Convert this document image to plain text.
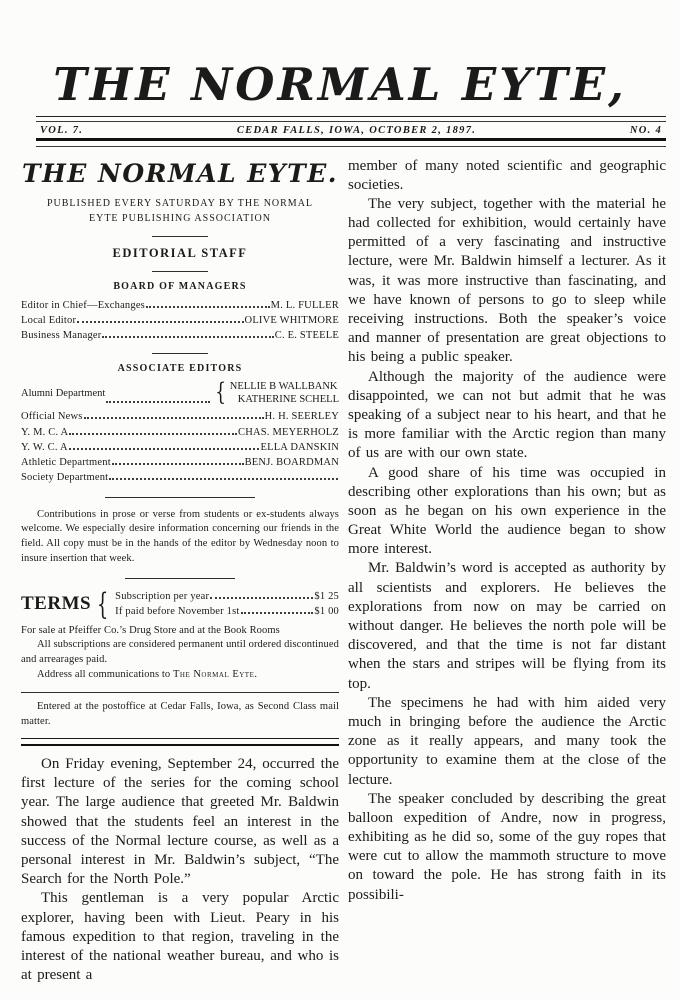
THE NORMAL EYTE,
VOL. 7.	CEDAR FALLS, IOWA, OCTOBER 2, 1897.	NO. 4
THE NORMAL EYTE.
PUBLISHED EVERY SATURDAY BY THE NORMAL
EYTE PUBLISHING ASSOCIATION
EDITORIAL STAFF
BOARD OF MANAGERS
Editor in Chief—Exchanges	M. L. FULLER
Local Editor	OLIVE WHITMORE
Business Manager	C. E. STEELE
ASSOCIATE EDITORS
Alumni Department	{ NELLIE B WALLBANK
KATHERINE SCHELL
Official News	H. H. SEERLEY
Y. M. C. A	CHAS. MEYERHOLZ
Y. W. C. A	ELLA DANSKIN
Athletic Department	BENJ. BOARDMAN
Society Department

Contributions in prose or verse from students or ex-students always welcome. We especially desire information concerning our friends in the field. All copy must be in the hands of the editor by Wednesday noon to insure insertion that week.

TERMS { Subscription per year	$1 25
If paid before November 1st	$1 00

For sale at Pfeiffer Co.’s Drug Store and at the Book Rooms

All subscriptions are considered permanent until ordered discontinued and arrearages paid.

Address all communications to The Normal Eyte.

Entered at the postoffice at Cedar Falls, Iowa, as Second Class mail matter.

On Friday evening, September 24, occurred the first lecture of the series for the coming school year. The large audience that greeted Mr. Baldwin showed that the students feel an interest in the success of the Normal lecture course, as well as a personal interest in Mr. Baldwin’s subject, “The Search for the North Pole.”

This gentleman is a very popular Arctic explorer, having been with Lieut. Peary in his famous expedition to that region, traveling in the interest of the national weather bureau, and who is at present a

member of many noted scientific and geographic societies.

The very subject, together with the material he had collected for exhibition, would certainly have permitted of a very fascinating and instructive lecture, were Mr. Baldwin himself a lecturer. As it was, it was more instructive than fascinating, and we have known of persons to go to sleep while receiving instructions. Both the speaker’s voice and manner of presentation are great objections to his being a public speaker.

Although the majority of the audience were disappointed, we can not but admit that he was speaking of a subject near to his heart, and that he is more familiar with the Arctic region than many of us are with our own state.

A good share of his time was occupied in describing other explorations than his own; but as soon as he began on his own experience in the Great White World the audience began to show more interest.

Mr. Baldwin’s word is accepted as authority by all scientists and explorers. He believes the explorations from now on may be carried on without danger. He believes the north pole will be discovered, and that the time is not far distant when the stars and stripes will be flying from its top.

The specimens he had with him aided very much in bringing before the audience the Arctic zone as it really appears, and many took the opportunity to examine them at the close of the lecture.

The speaker concluded by describing the great balloon expedition of Andre, now in progress, exhibiting as he did so, some of the guy ropes that were cut to allow the mammoth structure to move on toward the pole. He has strong faith in its possibili-
